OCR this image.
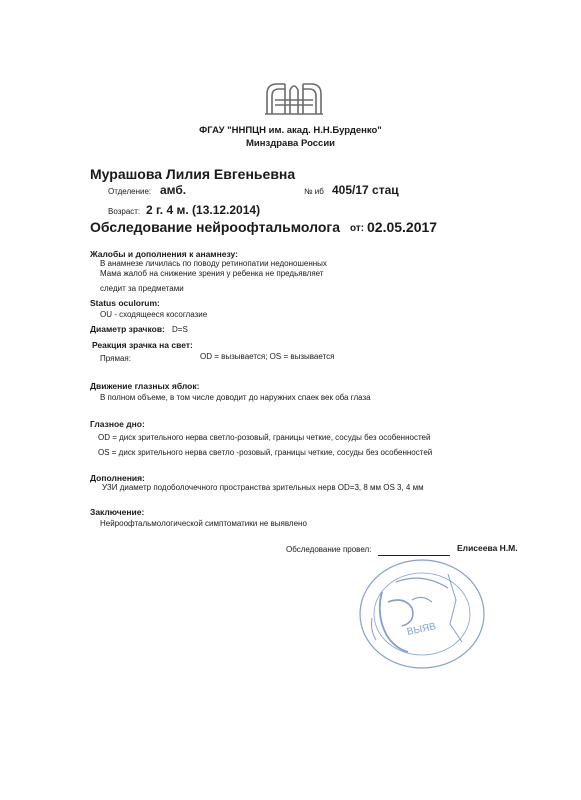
ФГАУ "ННПЦН им. акад. Н.Н.Бурденко"
Минздрава России
Мурашова Лилия Евгеньевна
Отделение: амб.	№ иб 405/17 стац
Возраст: 2 г. 4 м. (13.12.2014)
Обследование нейроофтальмолога от: 02.05.2017
Жалобы и дополнения к анамнезу:
В анамнезе личилась по поводу ретинопатии недоношенных
Мама жалоб на снижение зрения у ребенка не предьявляет
следит за предметами
Status oculorum:
OU - сходящееся косоглазие
Диаметр зрачков: D=S
Реакция зрачка на свет:
Прямая:	OD = вызывается; OS = вызывается
Движение глазных яблок:
В полном объеме, в том числе доводит до наружних спаек век оба глаза
Глазное дно:
OD = диск зрительного нерва светло-розовый, границы четкие, сосуды без особенностей
OS = диск зрительного нерва светло -розовый, границы четкие, сосуды без особенностей
Дополнения:
УЗИ диаметр подоболочечного пространства зрительных нерв OD=3, 8 мм OS 3, 4 мм
Заключение:
Нейроофтальмологической симптоматики не выявлено
Обследование провел:	Елисеева Н.М.
ВЫЯВ
